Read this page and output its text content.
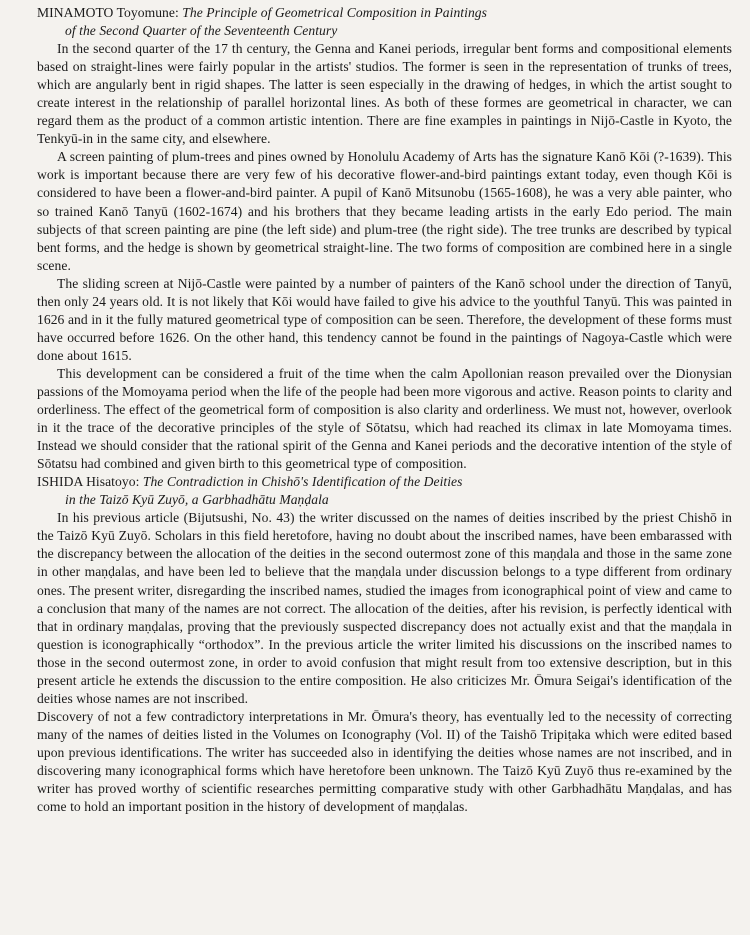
MINAMOTO Toyomune: The Principle of Geometrical Composition in Paintings
of the Second Quarter of the Seventeenth Century

In the second quarter of the 17 th century, the Genna and Kanei periods, irregular bent forms and compositional elements based on straight-lines were fairly popular in the artists' studios. The former is seen in the representation of trunks of trees, which are angularly bent in rigid shapes. The latter is seen especially in the drawing of hedges, in which the artist sought to create interest in the relationship of parallel horizontal lines. As both of these formes are geometrical in character, we can regard them as the product of a common artistic intention. There are fine examples in paintings in Nijō-Castle in Kyoto, the Tenkyū-in in the same city, and elsewhere.

A screen painting of plum-trees and pines owned by Honolulu Academy of Arts has the signature Kanō Kōi (?-1639). This work is important because there are very few of his decorative flower-and-bird paintings extant today, even though Kōi is considered to have been a flower-and-bird painter. A pupil of Kanō Mitsunobu (1565-1608), he was a very able painter, who so trained Kanō Tanyū (1602-1674) and his brothers that they became leading artists in the early Edo period. The main subjects of that screen painting are pine (the left side) and plum-tree (the right side). The tree trunks are described by typical bent forms, and the hedge is shown by geometrical straight-line. The two forms of composition are combined here in a single scene.

The sliding screen at Nijō-Castle were painted by a number of painters of the Kanō school under the direction of Tanyū, then only 24 years old. It is not likely that Kōi would have failed to give his advice to the youthful Tanyū. This was painted in 1626 and in it the fully matured geometrical type of composition can be seen. Therefore, the development of these forms must have occurred before 1626. On the other hand, this tendency cannot be found in the paintings of Nagoya-Castle which were done about 1615.

This development can be considered a fruit of the time when the calm Apollonian reason prevailed over the Dionysian passions of the Momoyama period when the life of the people had been more vigorous and active. Reason points to clarity and orderliness. The effect of the geometrical form of composition is also clarity and orderliness. We must not, however, overlook in it the trace of the decorative principles of the style of Sōtatsu, which had reached its climax in late Momoyama times. Instead we should consider that the rational spirit of the Genna and Kanei periods and the decorative intention of the style of Sōtatsu had combined and given birth to this geometrical type of composition.

ISHIDA Hisatoyo: The Contradiction in Chishō's Identification of the Deities
in the Taizō Kyū Zuyō, a Garbhadhātu Maṇḍala

In his previous article (Bijutsushi, No. 43) the writer discussed on the names of deities inscribed by the priest Chishō in the Taizō Kyū Zuyō. Scholars in this field heretofore, having no doubt about the inscribed names, have been embarassed with the discrepancy between the allocation of the deities in the second outermost zone of this maṇḍala and those in the same zone in other maṇḍalas, and have been led to believe that the maṇḍala under discussion belongs to a type different from ordinary ones. The present writer, disregarding the inscribed names, studied the images from iconographical point of view and came to a conclusion that many of the names are not correct. The allocation of the deities, after his revision, is perfectly identical with that in ordinary maṇḍalas, proving that the previously suspected discrepancy does not actually exist and that the maṇḍala in question is iconographically “orthodox”. In the previous article the writer limited his discussions on the inscribed names to those in the second outermost zone, in order to avoid confusion that might result from too extensive description, but in this present article he extends the discussion to the entire composition. He also criticizes Mr. Ōmura Seigai's identification of the deities whose names are not inscribed.

Discovery of not a few contradictory interpretations in Mr. Ōmura's theory, has eventually led to the necessity of correcting many of the names of deities listed in the Volumes on Iconography (Vol. II) of the Taishō Tripiṭaka which were edited based upon previous identifications. The writer has succeeded also in identifying the deities whose names are not inscribed, and in discovering many iconographical forms which have heretofore been unknown. The Taizō Kyū Zuyō thus re-examined by the writer has proved worthy of scientific researches permitting comparative study with other Garbhadhātu Maṇḍalas, and has come to hold an important position in the history of development of maṇḍalas.
